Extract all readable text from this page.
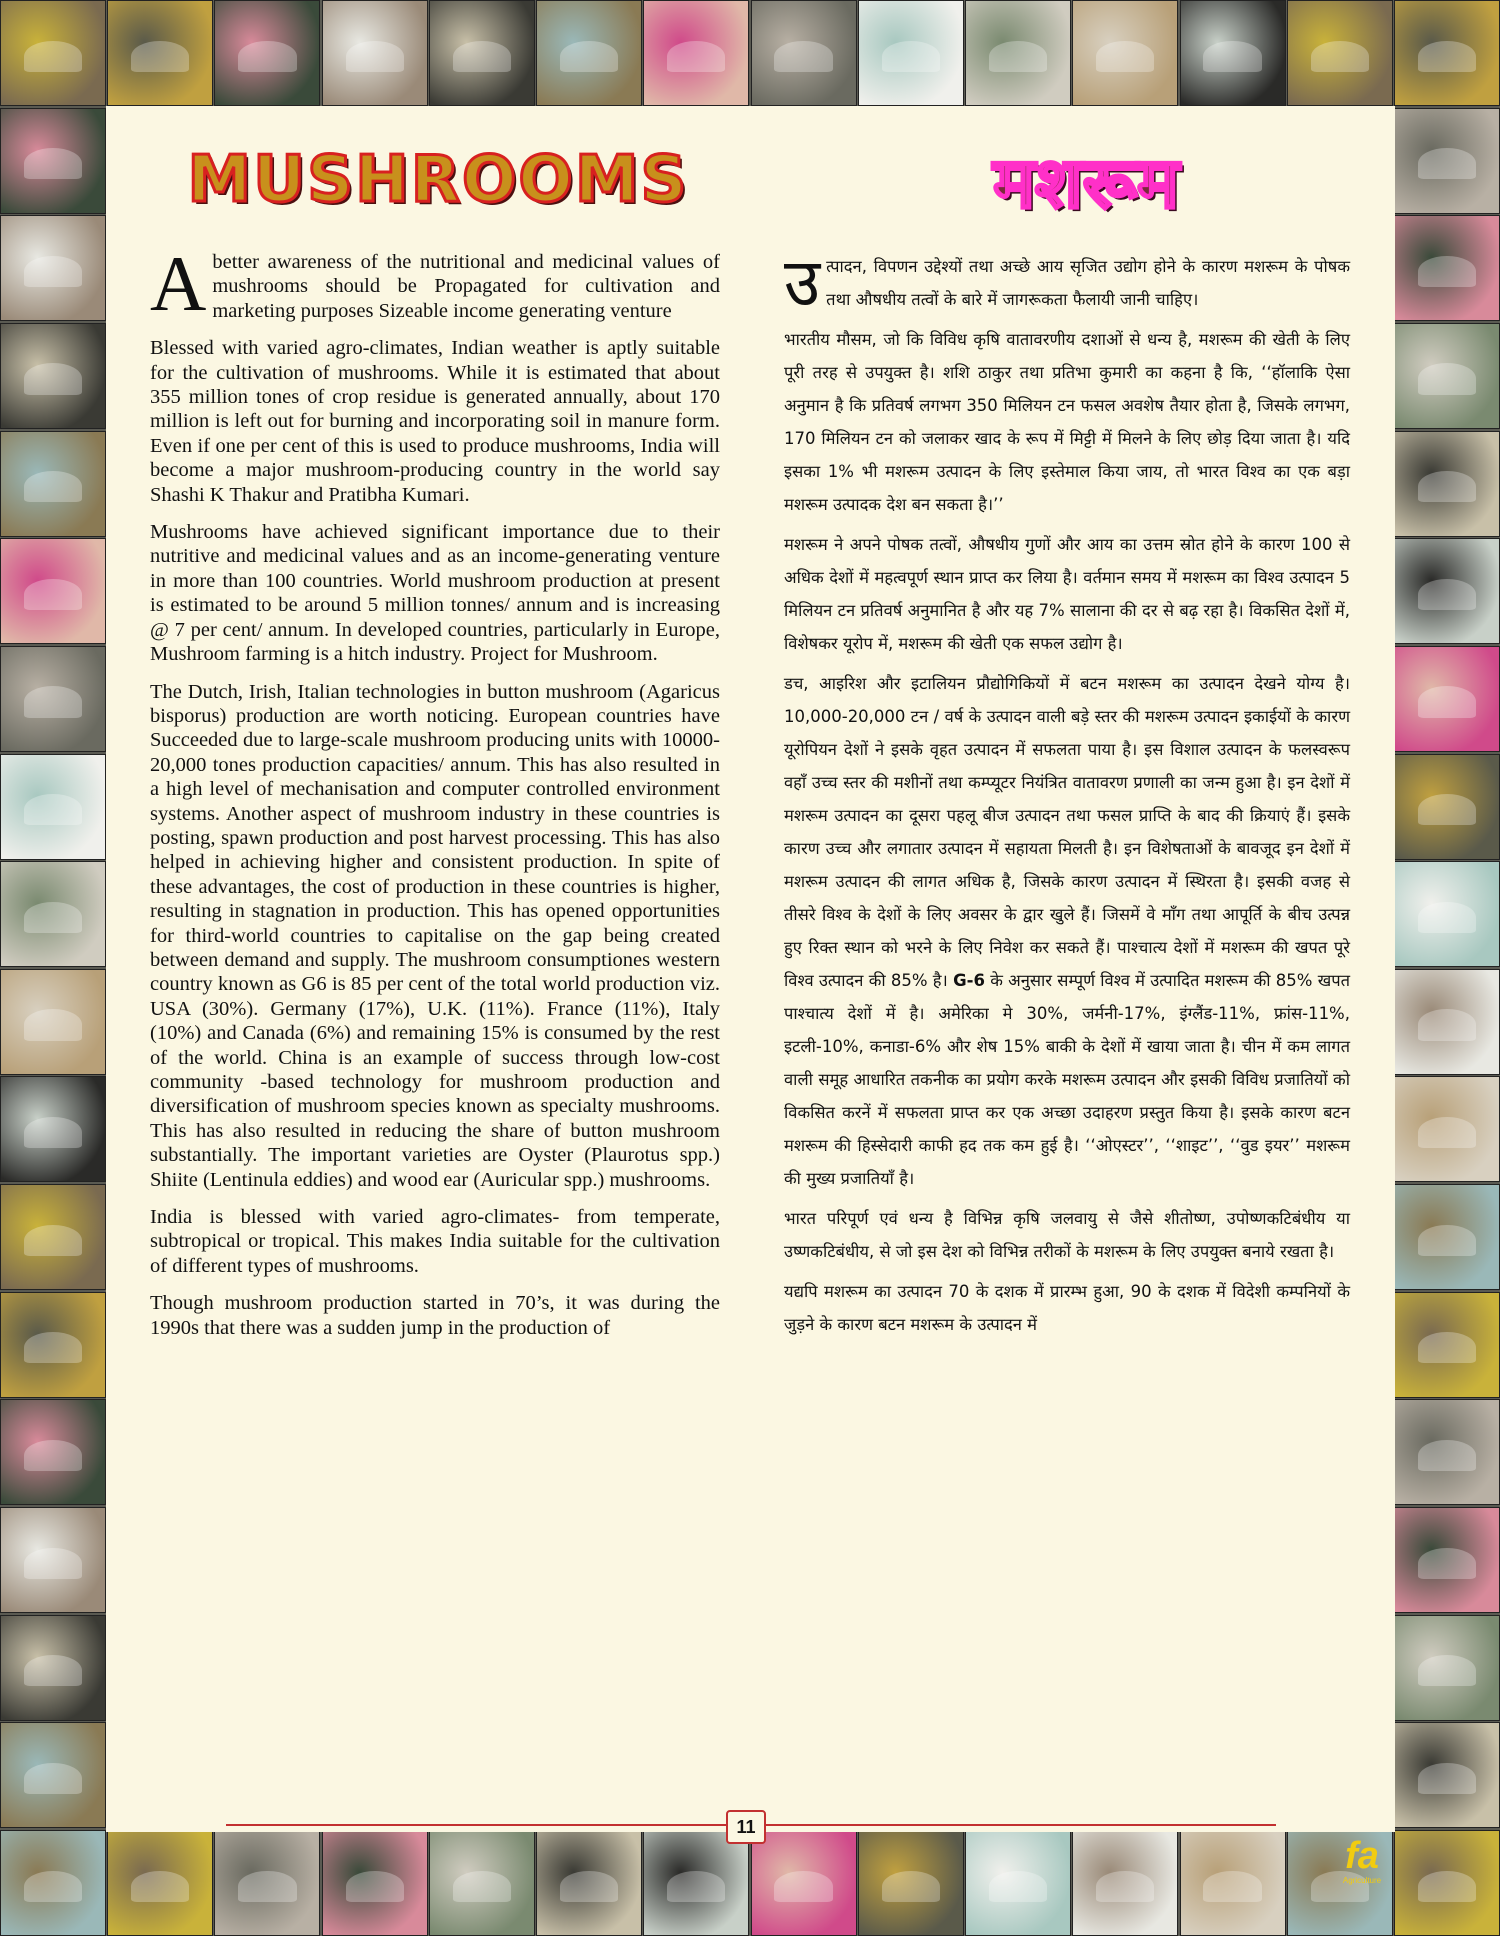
MUSHROOMS	मशरूम

Abetter awareness of the nutritional and medicinal values of mushrooms should be Propagated for cultivation and marketing purposes Sizeable income generating venture

Blessed with varied agro-climates, Indian weather is aptly suitable for the cultivation of mushrooms. While it is estimated that about 355 million tones of crop residue is generated annually, about 170 million is left out for burning and incorporating soil in manure form. Even if one per cent of this is used to produce mushrooms, India will become a major mushroom-producing country in the world say Shashi K Thakur and Pratibha Kumari.

Mushrooms have achieved significant importance due to their nutritive and medicinal values and as an income-generating venture in more than 100 countries. World mushroom production at present is estimated to be around 5 million tonnes/ annum and is increasing @ 7 per cent/ annum. In developed countries, particularly in Europe, Mushroom farming is a hitch industry. Project for Mushroom.

The Dutch, Irish, Italian technologies in button mushroom (Agaricus bisporus) production are worth noticing. European countries have Succeeded due to large-scale mushroom producing units with 10000-20,000 tones production capacities/ annum. This has also resulted in a high level of mechanisation and computer controlled environment systems. Another aspect of mushroom industry in these countries is posting, spawn production and post harvest processing. This has also helped in achieving higher and consistent production. In spite of these advantages, the cost of production in these countries is higher, resulting in stagnation in production. This has opened opportunities for third-world countries to capitalise on the gap being created between demand and supply. The mushroom consumptiones western country known as G6 is 85 per cent of the total world production viz. USA (30%). Germany (17%), U.K. (11%). France (11%), Italy (10%) and Canada (6%) and remaining 15% is consumed by the rest of the world. China is an example of success through low-cost community -based technology for mushroom production and diversification of mushroom species known as specialty mushrooms. This has also resulted in reducing the share of button mushroom substantially. The important varieties are Oyster (Plaurotus spp.) Shiite (Lentinula eddies) and wood ear (Auricular spp.) mushrooms.

India is blessed with varied agro-climates- from temperate, subtropical or tropical. This makes India suitable for the cultivation of different types of mushrooms.

Though mushroom production started in 70’s, it was during the 1990s that there was a sudden jump in the production of

उत्पादन, विपणन उद्देश्यों तथा अच्छे आय सृजित उद्योग होने के कारण मशरूम के पोषक तथा औषधीय तत्वों के बारे में जागरूकता फैलायी जानी चाहिए।

भारतीय मौसम, जो कि विविध कृषि वातावरणीय दशाओं से धन्य है, मशरूम की खेती के लिए पूरी तरह से उपयुक्त है। शशि ठाकुर तथा प्रतिभा कुमारी का कहना है कि, ‘‘हॉलाकि ऐसा अनुमान है कि प्रतिवर्ष लगभग 350 मिलियन टन फसल अवशेष तैयार होता है, जिसके लगभग, 170 मिलियन टन को जलाकर खाद के रूप में मिट्टी में मिलने के लिए छोड़ दिया जाता है। यदि इसका 1% भी मशरूम उत्पादन के लिए इस्तेमाल किया जाय, तो भारत विश्व का एक बड़ा मशरूम उत्पादक देश बन सकता है।’’

मशरूम ने अपने पोषक तत्वों, औषधीय गुणों और आय का उत्तम स्रोत होने के कारण 100 से अधिक देशों में महत्वपूर्ण स्थान प्राप्त कर लिया है। वर्तमान समय में मशरूम का विश्व उत्पादन 5 मिलियन टन प्रतिवर्ष अनुमानित है और यह 7% सालाना की दर से बढ़ रहा है। विकसित देशों में, विशेषकर यूरोप में, मशरूम की खेती एक सफल उद्योग है।

डच, आइरिश और इटालियन प्रौद्योगिकियों में बटन मशरूम का उत्पादन देखने योग्य है। 10,000-20,000 टन / वर्ष के उत्पादन वाली बड़े स्तर की मशरूम उत्पादन इकाईयों के कारण यूरोपियन देशों ने इसके वृहत उत्पादन में सफलता पाया है। इस विशाल उत्पादन के फलस्वरूप वहाँ उच्च स्तर की मशीनों तथा कम्प्यूटर नियंत्रित वातावरण प्रणाली का जन्म हुआ है। इन देशों में मशरूम उत्पादन का दूसरा पहलू बीज उत्पादन तथा फसल प्राप्ति के बाद की क्रियाएं हैं। इसके कारण उच्च और लगातार उत्पादन में सहायता मिलती है। इन विशेषताओं के बावजूद इन देशों में मशरूम उत्पादन की लागत अधिक है, जिसके कारण उत्पादन में स्थिरता है। इसकी वजह से तीसरे विश्व के देशों के लिए अवसर के द्वार खुले हैं। जिसमें वे माँग तथा आपूर्ति के बीच उत्पन्न हुए रिक्त स्थान को भरने के लिए निवेश कर सकते हैं। पाश्चात्य देशों में मशरूम की खपत पूरे विश्व उत्पादन की 85% है। G-6 के अनुसार सम्पूर्ण विश्व में उत्पादित मशरूम की 85% खपत पाश्चात्य देशों में है। अमेरिका मे 30%, जर्मनी-17%, इंग्लैंड-11%, फ्रांस-11%, इटली-10%, कनाडा-6% और शेष 15% बाकी के देशों में खाया जाता है। चीन में कम लागत वाली समूह आधारित तकनीक का प्रयोग करके मशरूम उत्पादन और इसकी विविध प्रजातियों को विकसित करनें में सफलता प्राप्त कर एक अच्छा उदाहरण प्रस्तुत किया है। इसके कारण बटन मशरूम की हिस्सेदारी काफी हद तक कम हुई है। ‘‘ओएस्टर’’, ‘‘शाइट’’, ‘‘वुड इयर’’ मशरूम की मुख्य प्रजातियाँ है।

भारत परिपूर्ण एवं धन्य है विभिन्न कृषि जलवायु से जैसे शीतोष्ण, उपोष्णकटिबंधीय या उष्णकटिबंधीय, से जो इस देश को विभिन्न तरीकों के मशरूम के लिए उपयुक्त बनाये रखता है।

यद्यपि मशरूम का उत्पादन 70 के दशक में प्रारम्भ हुआ, 90 के दशक में विदेशी कम्पनियों के जुड़ने के कारण बटन मशरूम के उत्पादन में

11
fa
Agriculture
